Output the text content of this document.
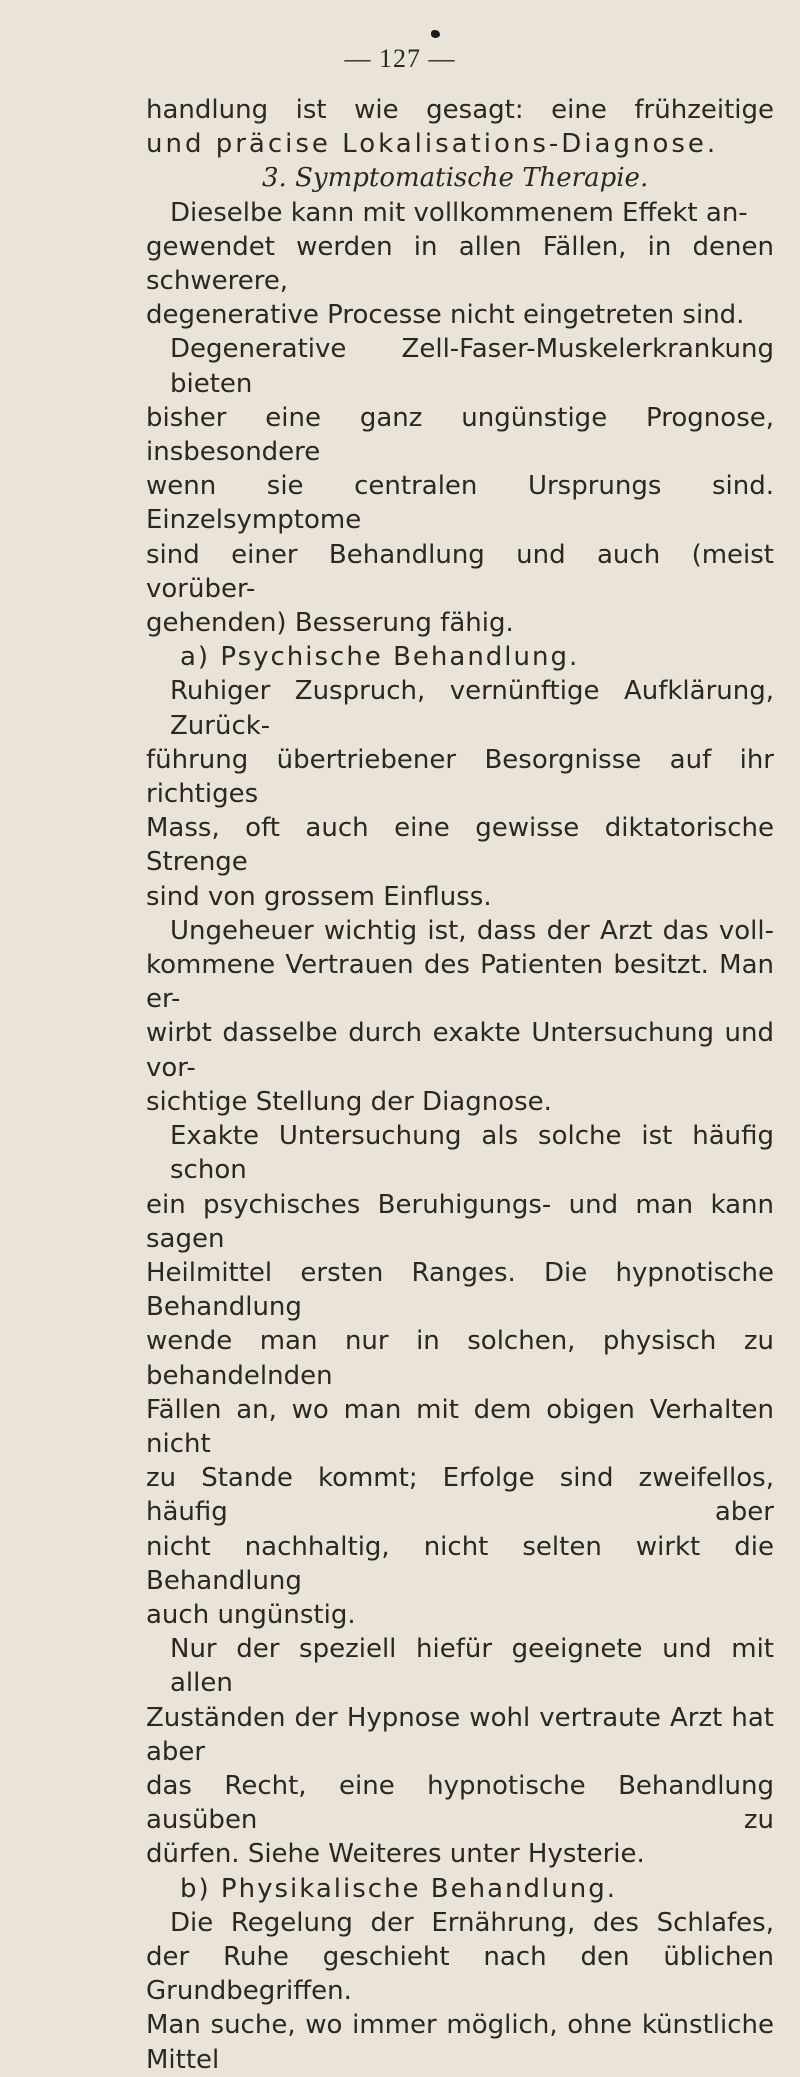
— 127 —
handlung ist wie gesagt: eine frühzeitige
und präcise Lokalisations-Diagnose.
3. Symptomatische Therapie.
Dieselbe kann mit vollkommenem Effekt an-
gewendet werden in allen Fällen, in denen schwerere,
degenerative Processe nicht eingetreten sind.
Degenerative Zell-Faser-Muskelerkrankung bieten
bisher eine ganz ungünstige Prognose, insbesondere
wenn sie centralen Ursprungs sind. Einzelsymptome
sind einer Behandlung und auch (meist vorüber-
gehenden) Besserung fähig.
a) Psychische Behandlung.
Ruhiger Zuspruch, vernünftige Aufklärung, Zurück-
führung übertriebener Besorgnisse auf ihr richtiges
Mass, oft auch eine gewisse diktatorische Strenge
sind von grossem Einfluss.
Ungeheuer wichtig ist, dass der Arzt das voll-
kommene Vertrauen des Patienten besitzt. Man er-
wirbt dasselbe durch exakte Untersuchung und vor-
sichtige Stellung der Diagnose.
Exakte Untersuchung als solche ist häufig schon
ein psychisches Beruhigungs- und man kann sagen
Heilmittel ersten Ranges. Die hypnotische Behandlung
wende man nur in solchen, physisch zu behandelnden
Fällen an, wo man mit dem obigen Verhalten nicht
zu Stande kommt; Erfolge sind zweifellos, häufig aber
nicht nachhaltig, nicht selten wirkt die Behandlung
auch ungünstig.
Nur der speziell hiefür geeignete und mit allen
Zuständen der Hypnose wohl vertraute Arzt hat aber
das Recht, eine hypnotische Behandlung ausüben zu
dürfen. Siehe Weiteres unter Hysterie.
b) Physikalische Behandlung.
Die Regelung der Ernährung, des Schlafes,
der Ruhe geschieht nach den üblichen Grundbegriffen.
Man suche, wo immer möglich, ohne künstliche Mittel
